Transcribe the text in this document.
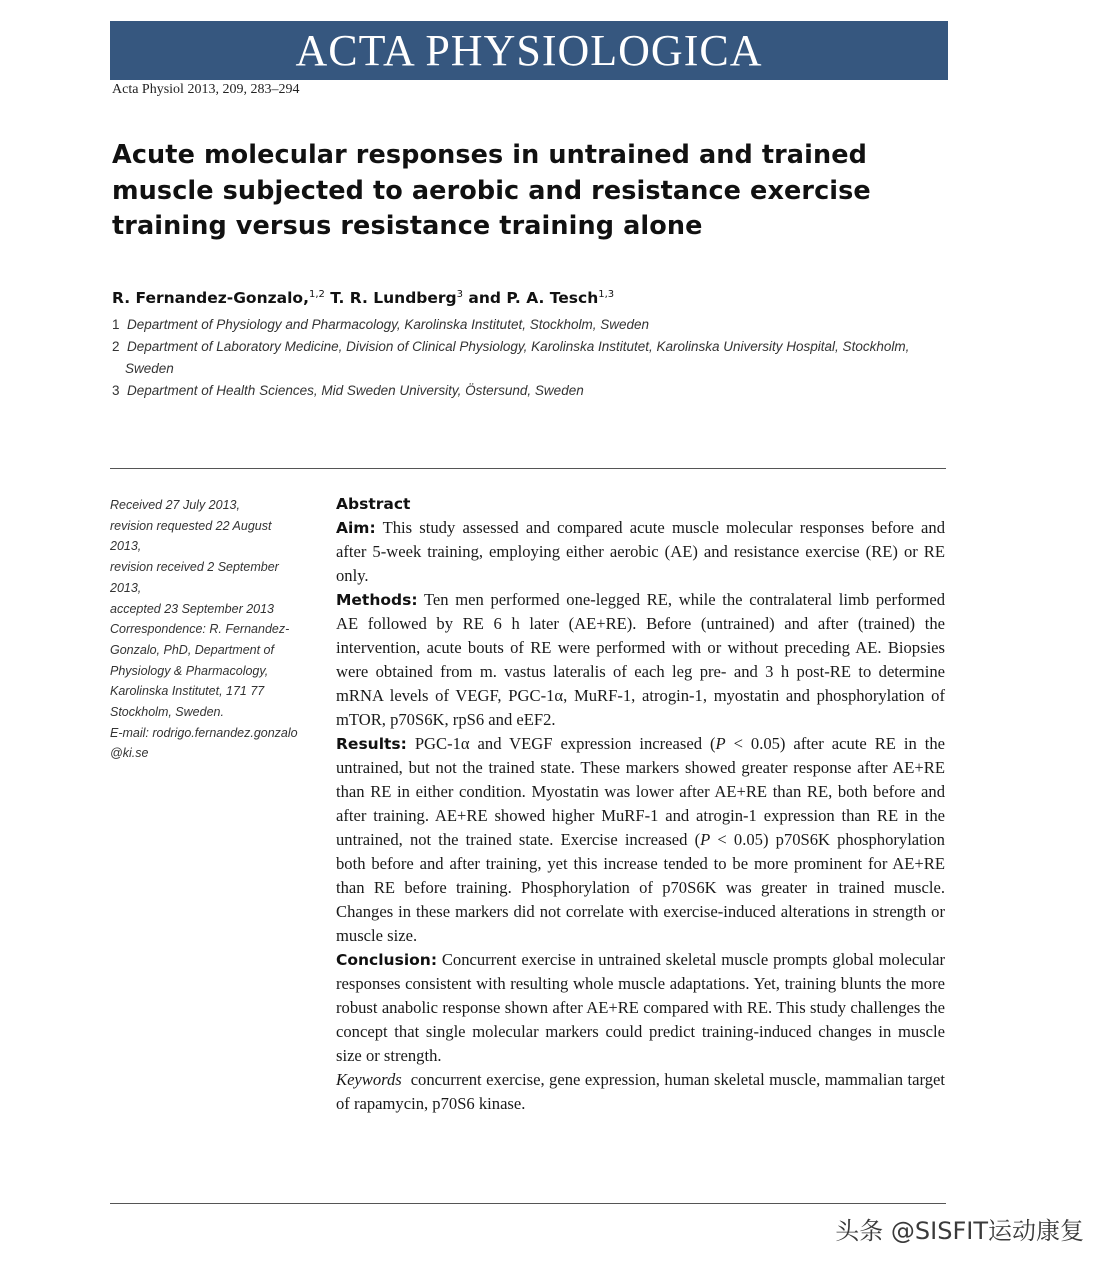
ACTA PHYSIOLOGICA
Acta Physiol 2013, 209, 283–294
Acute molecular responses in untrained and trained muscle subjected to aerobic and resistance exercise training versus resistance training alone

R. Fernandez-Gonzalo,$^{1,2}$ T. R. Lundberg$^3$ and P. A. Tesch$^{1,3}$

1 Department of Physiology and Pharmacology, Karolinska Institutet, Stockholm, Sweden

2 Department of Laboratory Medicine, Division of Clinical Physiology, Karolinska Institutet, Karolinska University Hospital, Stockholm,
Sweden

3 Department of Health Sciences, Mid Sweden University, Östersund, Sweden

Received 27 July 2013,
revision requested 22 August
2013,
revision received 2 September
2013,
accepted 23 September 2013
Correspondence: R. Fernandez-
Gonzalo, PhD, Department of
Physiology & Pharmacology,
Karolinska Institutet, 171 77
Stockholm, Sweden.
E-mail: rodrigo.fernandez.gonzalo
@ki.se

Abstract

Aim: This study assessed and compared acute muscle molecular responses before and after 5-week training, employing either aerobic (AE) and resistance exercise (RE) or RE only.

Methods: Ten men performed one-legged RE, while the contralateral limb performed AE followed by RE 6 h later (AE+RE). Before (untrained) and after (trained) the intervention, acute bouts of RE were performed with or without preceding AE. Biopsies were obtained from m. vastus lateralis of each leg pre- and 3 h post-RE to determine mRNA levels of VEGF, PGC-1α, MuRF-1, atrogin-1, myostatin and phosphorylation of mTOR, p70S6K, rpS6 and eEF2.

Results: PGC-1α and VEGF expression increased (P < 0.05) after acute RE in the untrained, but not the trained state. These markers showed greater response after AE+RE than RE in either condition. Myostatin was lower after AE+RE than RE, both before and after training. AE+RE showed higher MuRF-1 and atrogin-1 expression than RE in the untrained, not the trained state. Exercise increased (P < 0.05) p70S6K phosphorylation both before and after training, yet this increase tended to be more prominent for AE+RE than RE before training. Phosphorylation of p70S6K was greater in trained muscle. Changes in these markers did not correlate with exercise-induced alterations in strength or muscle size.

Conclusion: Concurrent exercise in untrained skeletal muscle prompts global molecular responses consistent with resulting whole muscle adaptations. Yet, training blunts the more robust anabolic response shown after AE+RE compared with RE. This study challenges the concept that single molecular markers could predict training-induced changes in muscle size or strength.

Keywords concurrent exercise, gene expression, human skeletal muscle, mammalian target of rapamycin, p70S6 kinase.

头条 @SISFIT运动康复
